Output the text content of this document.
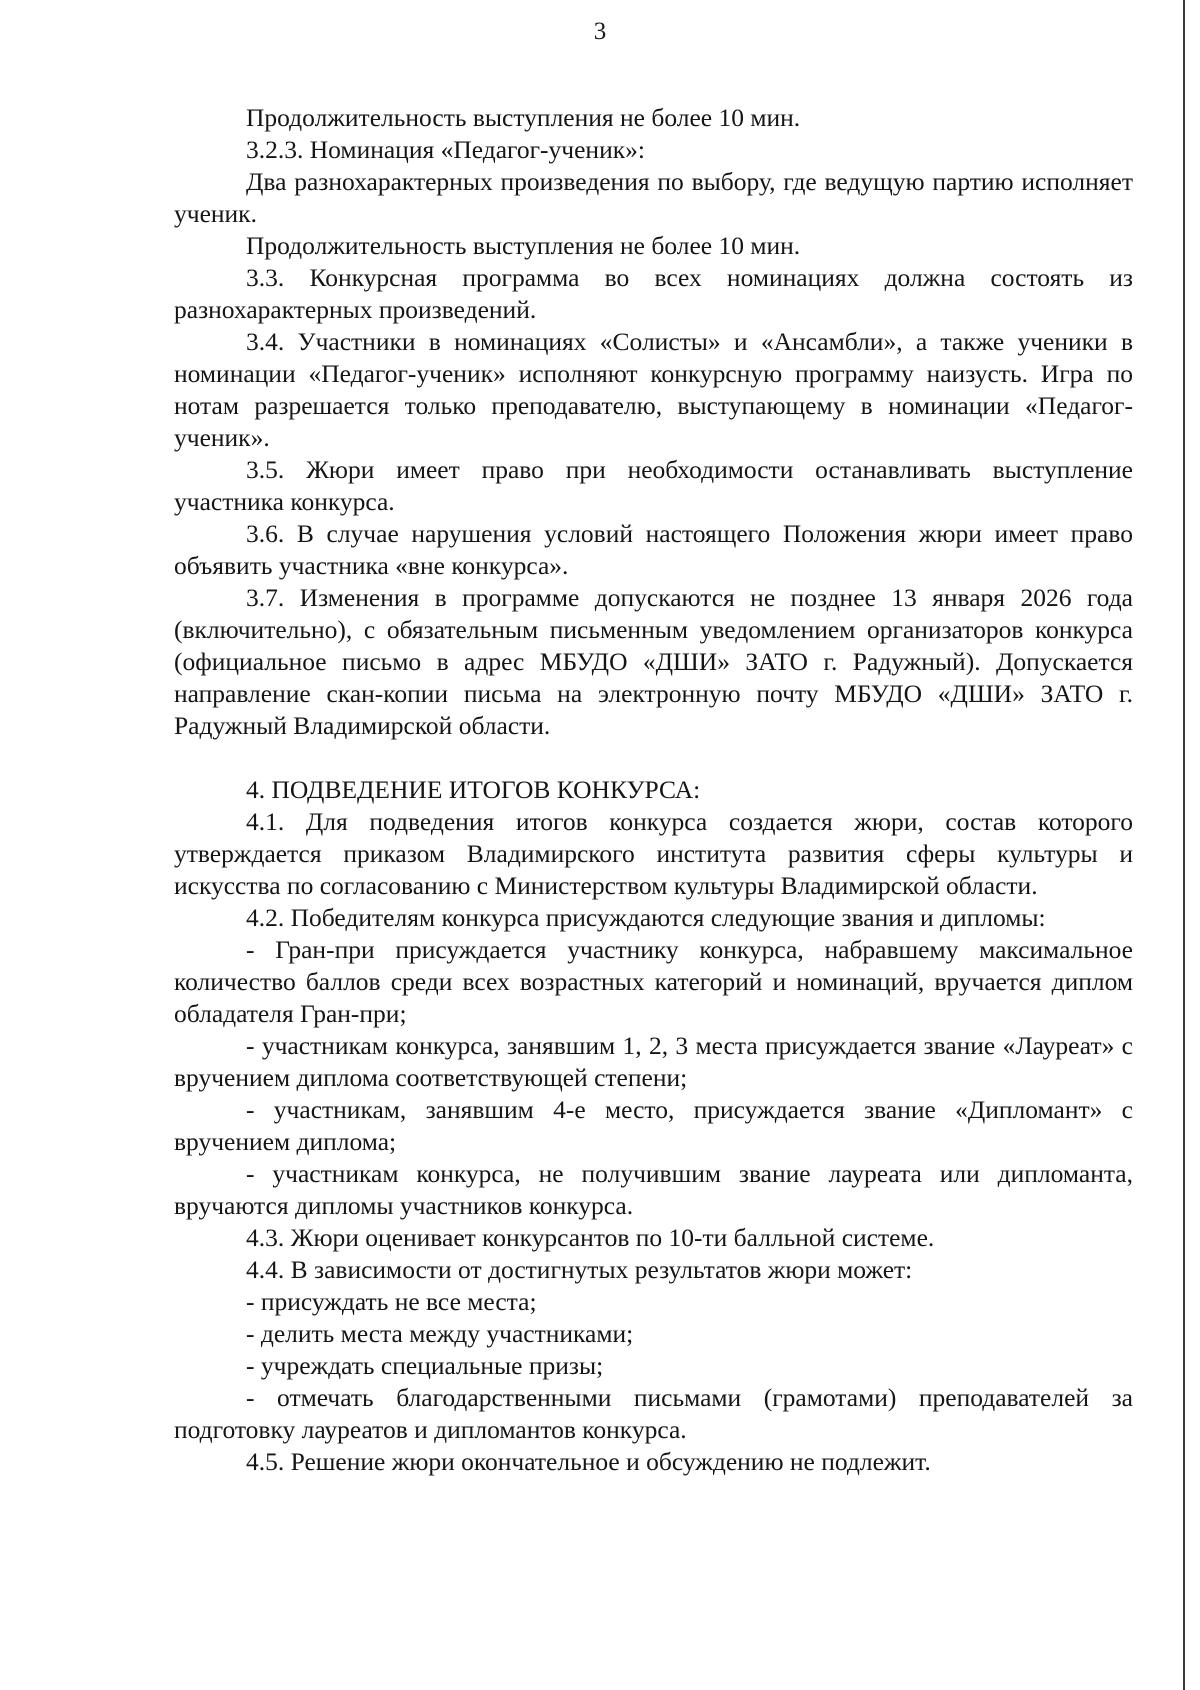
3

Продолжительность выступления не более 10 мин.

3.2.3. Номинация «Педагог-ученик»:

Два разнохарактерных произведения по выбору, где ведущую партию исполняет ученик.

Продолжительность выступления не более 10 мин.

3.3. Конкурсная программа во всех номинациях должна состоять из разнохарактерных произведений.

3.4. Участники в номинациях «Солисты» и «Ансамбли», а также ученики в номинации «Педагог-ученик» исполняют конкурсную программу наизусть. Игра по нотам разрешается только преподавателю, выступающему в номинации «Педагог-ученик».

3.5. Жюри имеет право при необходимости останавливать выступление участника конкурса.

3.6. В случае нарушения условий настоящего Положения жюри имеет право объявить участника «вне конкурса».

3.7. Изменения в программе допускаются не позднее 13 января 2026 года (включительно), с обязательным письменным уведомлением организаторов конкурса (официальное письмо в адрес МБУДО «ДШИ» ЗАТО г. Радужный). Допускается направление скан-копии письма на электронную почту МБУДО «ДШИ» ЗАТО г. Радужный Владимирской области.

4. ПОДВЕДЕНИЕ ИТОГОВ КОНКУРСА:

4.1. Для подведения итогов конкурса создается жюри, состав которого утверждается приказом Владимирского института развития сферы культуры и искусства по согласованию с Министерством культуры Владимирской области.

4.2. Победителям конкурса присуждаются следующие звания и дипломы:

- Гран-при присуждается участнику конкурса, набравшему максимальное количество баллов среди всех возрастных категорий и номинаций, вручается диплом обладателя Гран-при;

- участникам конкурса, занявшим 1, 2, 3 места присуждается звание «Лауреат» с вручением диплома соответствующей степени;

- участникам, занявшим 4-е место, присуждается звание «Дипломант» с вручением диплома;

- участникам конкурса, не получившим звание лауреата или дипломанта, вручаются дипломы участников конкурса.

4.3. Жюри оценивает конкурсантов по 10-ти балльной системе.

4.4. В зависимости от достигнутых результатов жюри может:

- присуждать не все места;

- делить места между участниками;

- учреждать специальные призы;

- отмечать благодарственными письмами (грамотами) преподавателей за подготовку лауреатов и дипломантов конкурса.

4.5. Решение жюри окончательное и обсуждению не подлежит.
